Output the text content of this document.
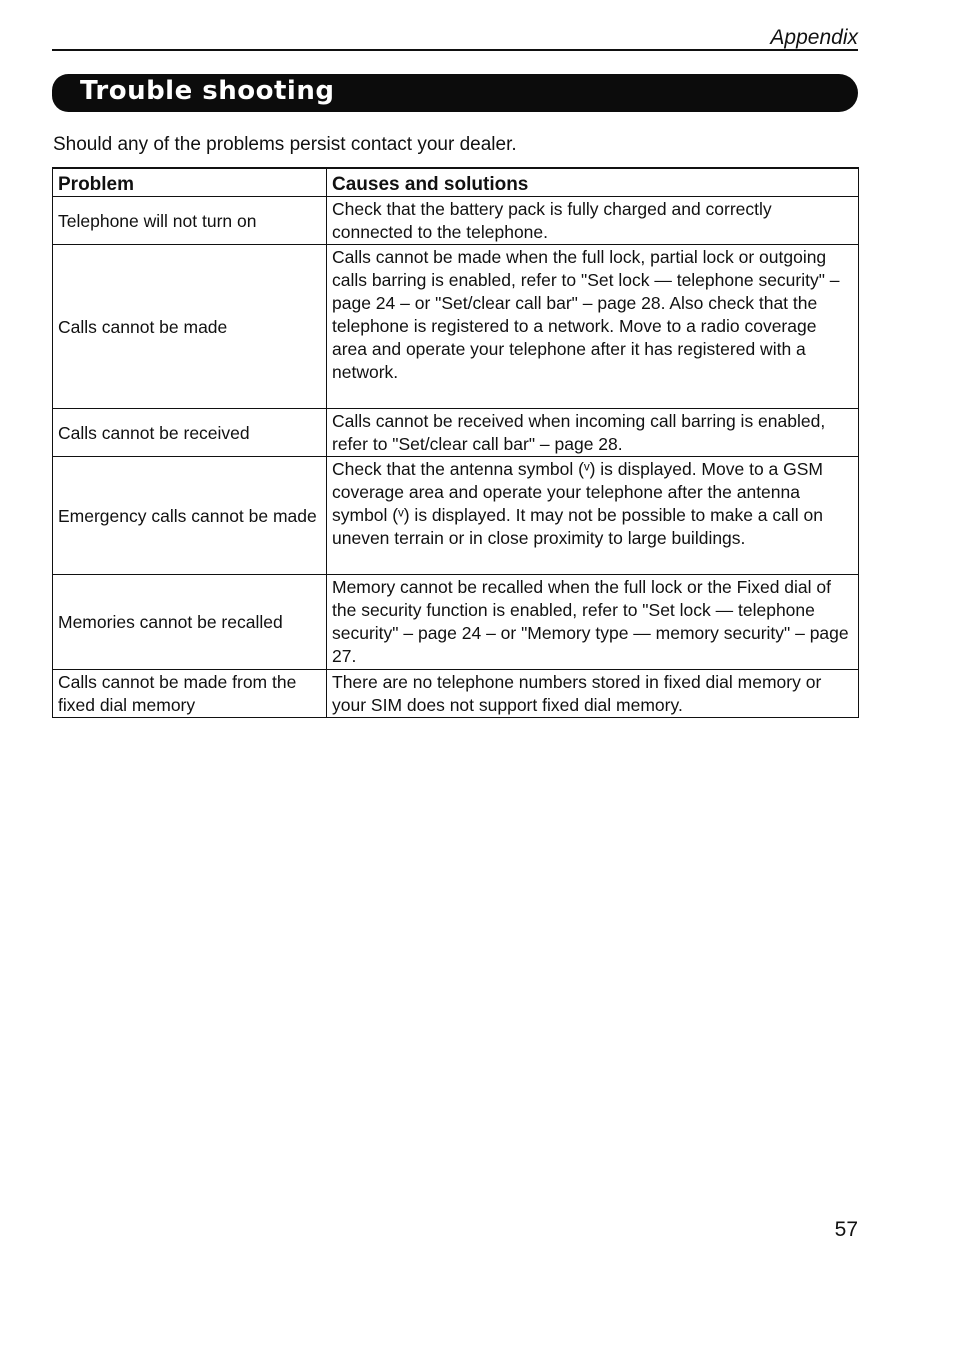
Appendix
Trouble shooting
Should any of the problems persist contact your dealer.
Problem	Causes and solutions
Telephone will not turn on	Check that the battery pack is fully charged and correctly connected to the telephone.
Calls cannot be made	Calls cannot be made when the full lock, partial lock or outgoing calls barring is enabled, refer to "Set lock — telephone security" – page 24 – or "Set/clear call bar" – page 28. Also check that the telephone is registered to a network. Move to a radio coverage area and operate your telephone after it has registered with a network.
Calls cannot be received	Calls cannot be received when incoming call barring is enabled, refer to "Set/clear call bar" – page 28.
Emergency calls cannot be made	Check that the antenna symbol (ᵛ) is displayed. Move to a GSM coverage area and operate your telephone after the antenna symbol (ᵛ) is displayed. It may not be possible to make a call on uneven terrain or in close proximity to large buildings.
Memories cannot be recalled	Memory cannot be recalled when the full lock or the Fixed dial of the security function is enabled, refer to "Set lock — telephone security" – page 24 – or "Memory type — memory security" – page 27.
Calls cannot be made from the fixed dial memory	There are no telephone numbers stored in fixed dial memory or your SIM does not support fixed dial memory.
57
